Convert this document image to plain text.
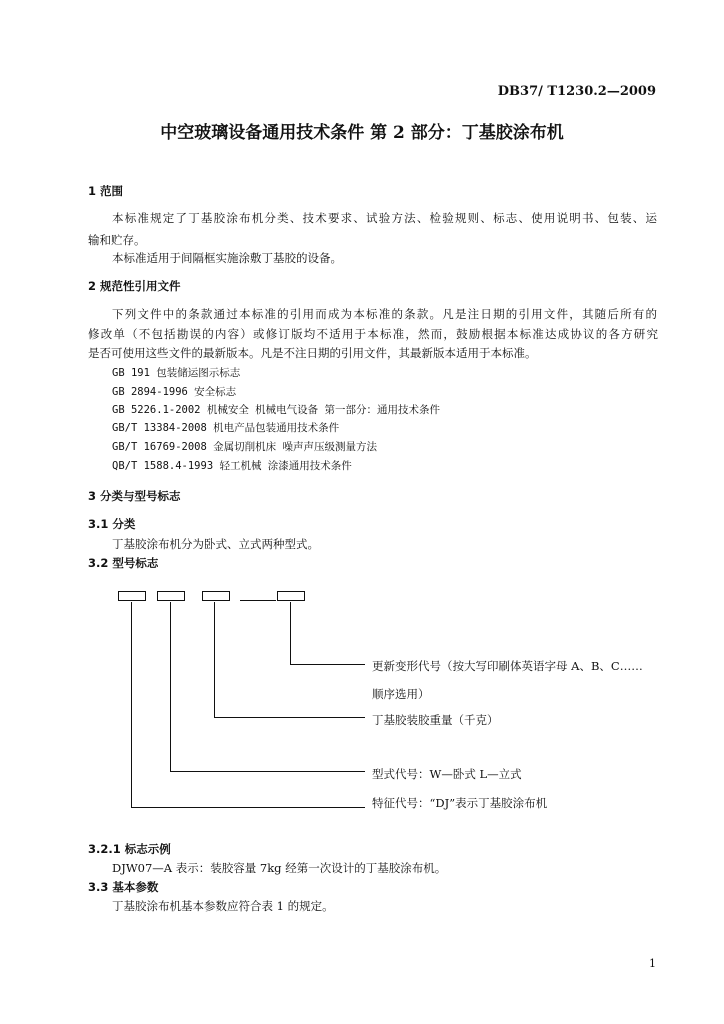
DB37/ T1230.2—2009
中空玻璃设备通用技术条件 第 2 部分：丁基胶涂布机
1 范围
本标准规定了丁基胶涂布机分类、技术要求、试验方法、检验规则、标志、使用说明书、包装、运
输和贮存。
本标准适用于间隔框实施涂敷丁基胶的设备。
2 规范性引用文件
下列文件中的条款通过本标准的引用而成为本标准的条款。凡是注日期的引用文件，其随后所有的
修改单（不包括勘误的内容）或修订版均不适用于本标准，然而，鼓励根据本标准达成协议的各方研究
是否可使用这些文件的最新版本。凡是不注日期的引用文件，其最新版本适用于本标准。
GB 191 包装储运图示标志
GB 2894-1996 安全标志
GB 5226.1-2002 机械安全 机械电气设备 第一部分：通用技术条件
GB/T 13384-2008 机电产品包装通用技术条件
GB/T 16769-2008 金属切削机床 噪声声压级测量方法
QB/T 1588.4-1993 轻工机械 涂漆通用技术条件
3 分类与型号标志
3.1 分类
丁基胶涂布机分为卧式、立式两种型式。
3.2 型号标志
更新变形代号（按大写印刷体英语字母 A、B、C……
顺序选用）
丁基胶装胶重量（千克）
型式代号：W—卧式 L—立式
特征代号：“DJ”表示丁基胶涂布机
3.2.1 标志示例
DJW07—A 表示：装胶容量 7kg 经第一次设计的丁基胶涂布机。
3.3 基本参数
丁基胶涂布机基本参数应符合表 1 的规定。
1
